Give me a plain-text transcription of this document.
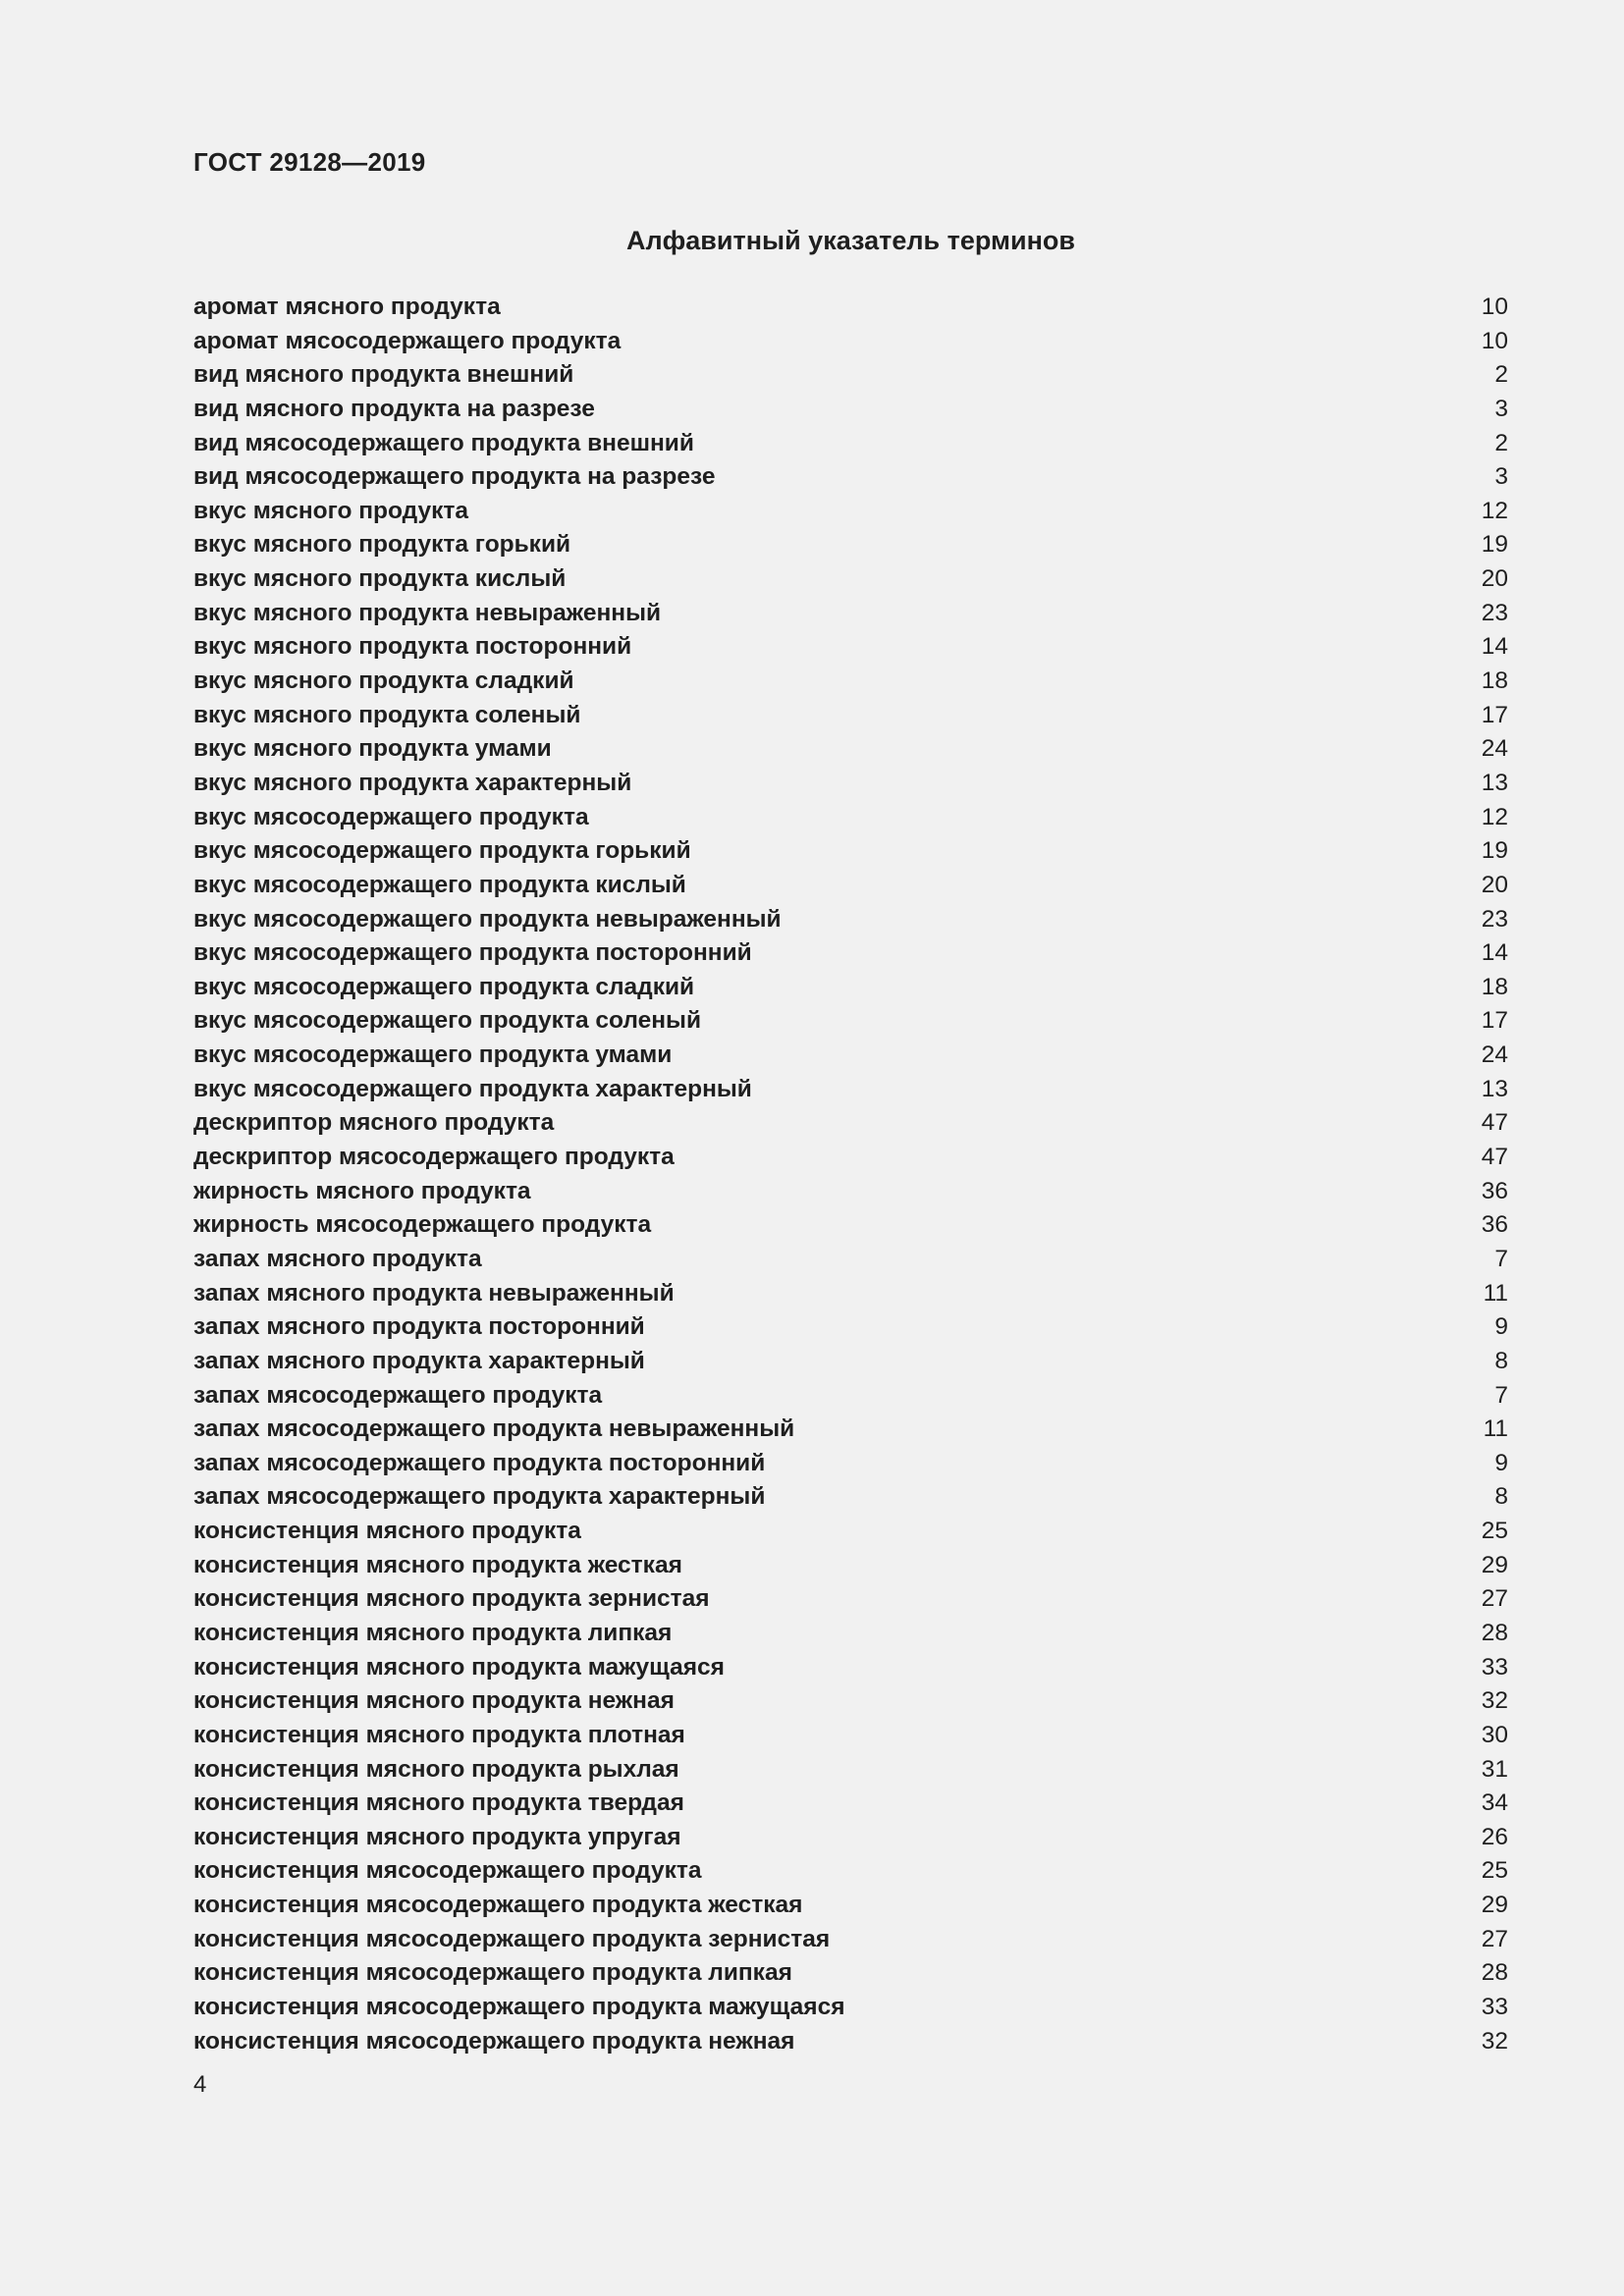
ГОСТ 29128—2019
Алфавитный указатель терминов
аромат мясного продукта	10
аромат мясосодержащего продукта	10
вид мясного продукта внешний	2
вид мясного продукта на разрезе	3
вид мясосодержащего продукта внешний	2
вид мясосодержащего продукта на разрезе	3
вкус мясного продукта	12
вкус мясного продукта горький	19
вкус мясного продукта кислый	20
вкус мясного продукта невыраженный	23
вкус мясного продукта посторонний	14
вкус мясного продукта сладкий	18
вкус мясного продукта соленый	17
вкус мясного продукта умами	24
вкус мясного продукта характерный	13
вкус мясосодержащего продукта	12
вкус мясосодержащего продукта горький	19
вкус мясосодержащего продукта кислый	20
вкус мясосодержащего продукта невыраженный	23
вкус мясосодержащего продукта посторонний	14
вкус мясосодержащего продукта сладкий	18
вкус мясосодержащего продукта соленый	17
вкус мясосодержащего продукта умами	24
вкус мясосодержащего продукта характерный	13
дескриптор мясного продукта	47
дескриптор мясосодержащего продукта	47
жирность мясного продукта	36
жирность мясосодержащего продукта	36
запах мясного продукта	7
запах мясного продукта невыраженный	11
запах мясного продукта посторонний	9
запах мясного продукта характерный	8
запах мясосодержащего продукта	7
запах мясосодержащего продукта невыраженный	11
запах мясосодержащего продукта посторонний	9
запах мясосодержащего продукта характерный	8
консистенция мясного продукта	25
консистенция мясного продукта жесткая	29
консистенция мясного продукта зернистая	27
консистенция мясного продукта липкая	28
консистенция мясного продукта мажущаяся	33
консистенция мясного продукта нежная	32
консистенция мясного продукта плотная	30
консистенция мясного продукта рыхлая	31
консистенция мясного продукта твердая	34
консистенция мясного продукта упругая	26
консистенция мясосодержащего продукта	25
консистенция мясосодержащего продукта жесткая	29
консистенция мясосодержащего продукта зернистая	27
консистенция мясосодержащего продукта липкая	28
консистенция мясосодержащего продукта мажущаяся	33
консистенция мясосодержащего продукта нежная	32
4
